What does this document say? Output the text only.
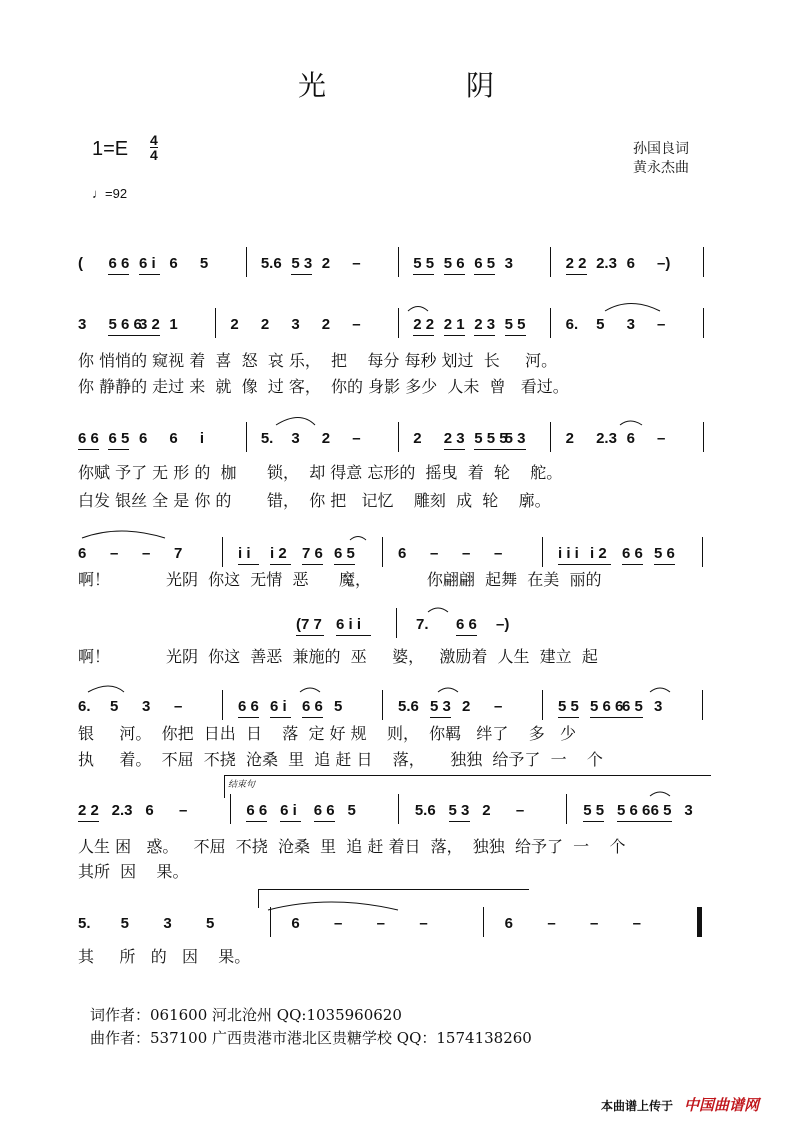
光　　　　　阴
1=E 4
4
♩=92
孙国良词
黄永杰曲
( 6 6 6 i 6 5	5.6 5 3 2 –	5 5 5 6 6 5 3	2 2 2.3 6 –)
3 5 6 6
3 2 1	2 2 3 2 –	2 2 2 1 2 3 5 5	6. 5 3 –
6 6 6 5 6 6 i	5. 3 2 –	2 2 3 5 5 5
5 3	2 2.3 6 –
6 – – 7	i i i 2 7 6 6 5	6 – – –	i i i i 2 6 6 5 6
(7 7 6 i i	7. 6 6 –)
6. 5 3 –	6 6 6 i 6 6 5	5.6 5 3 2 –	5 5 5 6 6
6 5 3
2 2 2.3 6 –	6 6 6 i 6 6 5	5.6 5 3 2 –	5 5 5 6 6 6 5 3
5. 5 3 5	6 – – –	6 – – –
你 悄悄的 窥视 着  喜  怒  哀 乐，  把    每分 每秒 划过  长     河。
你 静静的 走过 来  就  像  过 客，  你的 身影 多少  人未  曾   看过。
你赋 予了 无 形 的  枷      锁，  却 得意 忘形的  摇曳  着  轮    舵。
白发 银丝 全 是 你 的       错，  你 把   记忆    雕刻  成  轮    廓。
啊！           光阴  你这  无情  恶      魔，           你翩翩  起舞  在美  丽的
啊！           光阴  你这  善恶  兼施的  巫     婆，   激励着  人生  建立  起
银     河。  你把  日出  日    落  定 好 规    则，  你羁   绊了    多   少
执     着。  不屈  不挠  沧桑  里  追 赶 日    落，     独独  给予了  一    个
人生 困   惑。   不屈  不挠  沧桑  里  追 赶 着日  落，  独独  给予了  一    个
其所  因    果。
其     所   的   因    果。
结束句
词作者：061600 河北沧州 QQ:1035960620
曲作者：537100 广西贵港市港北区贵糖学校 QQ：1574138260
本曲谱上传于 中国曲谱网
